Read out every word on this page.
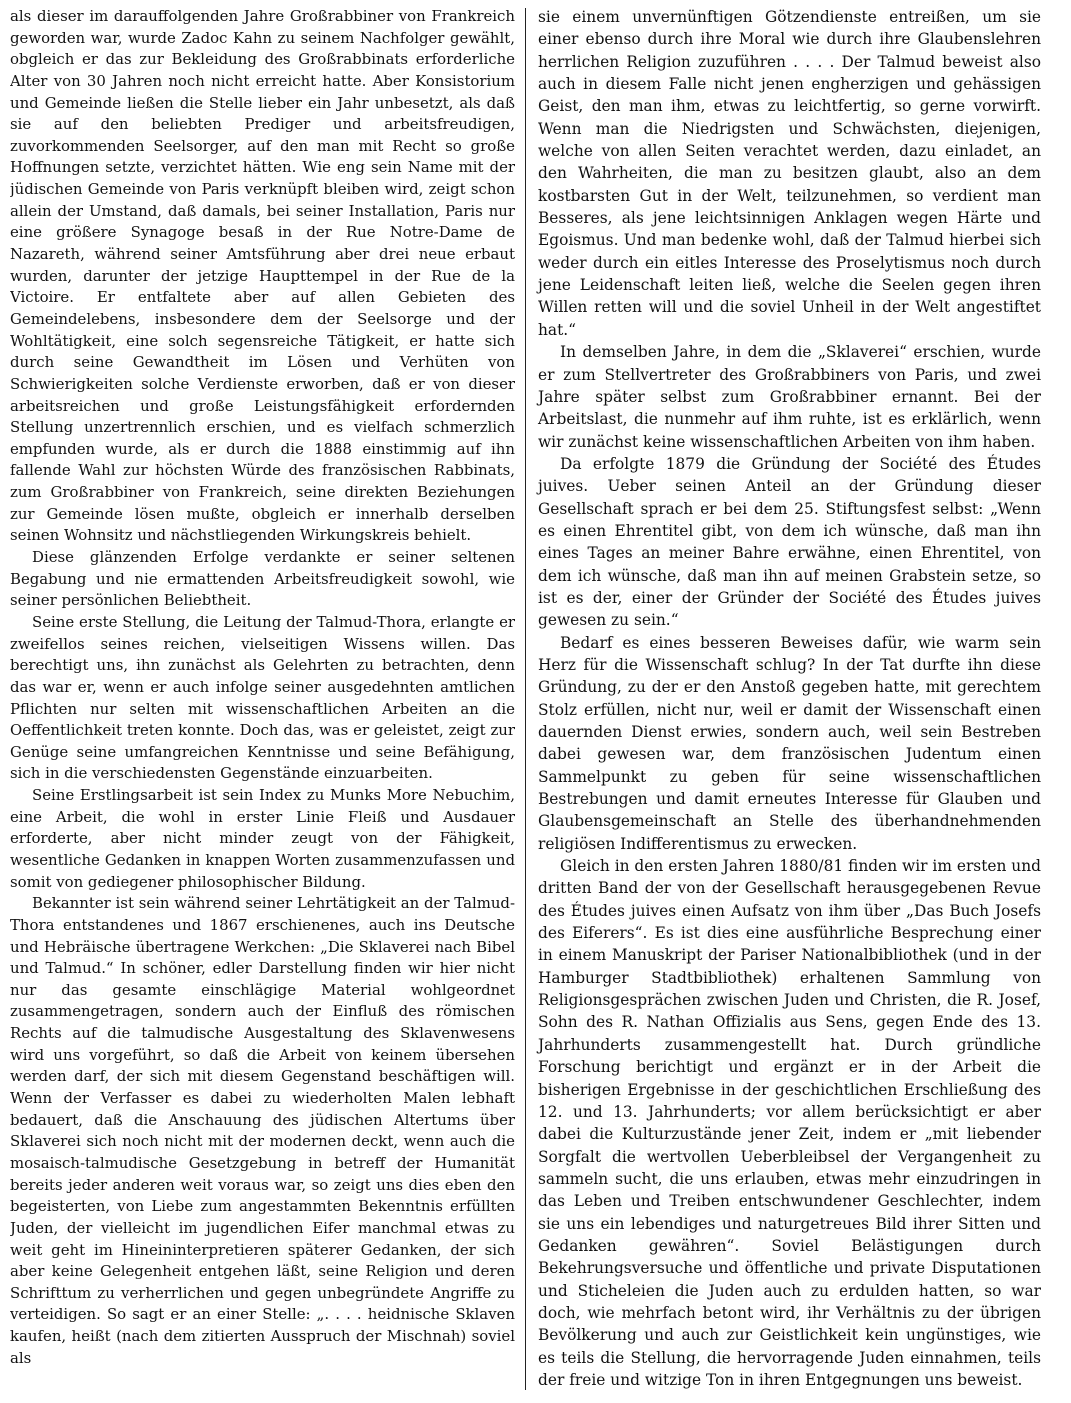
als dieser im darauffolgenden Jahre Großrabbiner von Frankreich geworden war, wurde Zadoc Kahn zu seinem Nachfolger gewählt, obgleich er das zur Bekleidung des Großrabbinats erforderliche Alter von 30 Jahren noch nicht erreicht hatte. Aber Konsistorium und Gemeinde ließen die Stelle lieber ein Jahr unbesetzt, als daß sie auf den beliebten Prediger und arbeitsfreudigen, zuvorkommenden Seelsorger, auf den man mit Recht so große Hoffnungen setzte, verzichtet hätten. Wie eng sein Name mit der jüdischen Gemeinde von Paris verknüpft bleiben wird, zeigt schon allein der Umstand, daß damals, bei seiner Installation, Paris nur eine größere Synagoge besaß in der Rue Notre-Dame de Nazareth, während seiner Amtsführung aber drei neue erbaut wurden, darunter der jetzige Haupttempel in der Rue de la Victoire. Er entfaltete aber auf allen Gebieten des Gemeindelebens, insbesondere dem der Seelsorge und der Wohltätigkeit, eine solch segensreiche Tätigkeit, er hatte sich durch seine Gewandtheit im Lösen und Verhüten von Schwierigkeiten solche Verdienste erworben, daß er von dieser arbeitsreichen und große Leistungsfähigkeit erfordernden Stellung unzertrennlich erschien, und es vielfach schmerzlich empfunden wurde, als er durch die 1888 einstimmig auf ihn fallende Wahl zur höchsten Würde des französischen Rabbinats, zum Großrabbiner von Frankreich, seine direkten Beziehungen zur Gemeinde lösen mußte, obgleich er innerhalb derselben seinen Wohnsitz und nächstliegenden Wirkungskreis behielt.

Diese glänzenden Erfolge verdankte er seiner seltenen Begabung und nie ermattenden Arbeitsfreudigkeit sowohl, wie seiner persönlichen Beliebtheit.

Seine erste Stellung, die Leitung der Talmud-Thora, erlangte er zweifellos seines reichen, vielseitigen Wissens willen. Das berechtigt uns, ihn zunächst als Gelehrten zu betrachten, denn das war er, wenn er auch infolge seiner ausgedehnten amtlichen Pflichten nur selten mit wissenschaftlichen Arbeiten an die Oeffentlichkeit treten konnte. Doch das, was er geleistet, zeigt zur Genüge seine umfangreichen Kenntnisse und seine Befähigung, sich in die verschiedensten Gegenstände einzuarbeiten.

Seine Erstlingsarbeit ist sein Index zu Munks More Nebuchim, eine Arbeit, die wohl in erster Linie Fleiß und Ausdauer erforderte, aber nicht minder zeugt von der Fähigkeit, wesentliche Gedanken in knappen Worten zusammenzufassen und somit von gediegener philosophischer Bildung.

Bekannter ist sein während seiner Lehrtätigkeit an der Talmud-Thora entstandenes und 1867 erschienenes, auch ins Deutsche und Hebräische übertragene Werkchen: „Die Sklaverei nach Bibel und Talmud.“ In schöner, edler Darstellung finden wir hier nicht nur das gesamte einschlägige Material wohlgeordnet zusammengetragen, sondern auch der Einfluß des römischen Rechts auf die talmudische Ausgestaltung des Sklavenwesens wird uns vorgeführt, so daß die Arbeit von keinem übersehen werden darf, der sich mit diesem Gegenstand beschäftigen will. Wenn der Verfasser es dabei zu wiederholten Malen lebhaft bedauert, daß die Anschauung des jüdischen Altertums über Sklaverei sich noch nicht mit der modernen deckt, wenn auch die mosaisch-talmudische Gesetzgebung in betreff der Humanität bereits jeder anderen weit voraus war, so zeigt uns dies eben den begeisterten, von Liebe zum angestammten Bekenntnis erfüllten Juden, der vielleicht im jugendlichen Eifer manchmal etwas zu weit geht im Hineininterpretieren späterer Gedanken, der sich aber keine Gelegenheit entgehen läßt, seine Religion und deren Schrifttum zu verherrlichen und gegen unbegründete Angriffe zu verteidigen. So sagt er an einer Stelle: „. . . . heidnische Sklaven kaufen, heißt (nach dem zitierten Ausspruch der Mischnah) soviel als

sie einem unvernünftigen Götzendienste entreißen, um sie einer ebenso durch ihre Moral wie durch ihre Glaubenslehren herrlichen Religion zuzuführen . . . . Der Talmud beweist also auch in diesem Falle nicht jenen engherzigen und gehässigen Geist, den man ihm, etwas zu leichtfertig, so gerne vorwirft. Wenn man die Niedrigsten und Schwächsten, diejenigen, welche von allen Seiten verachtet werden, dazu einladet, an den Wahrheiten, die man zu besitzen glaubt, also an dem kostbarsten Gut in der Welt, teilzunehmen, so verdient man Besseres, als jene leichtsinnigen Anklagen wegen Härte und Egoismus. Und man bedenke wohl, daß der Talmud hierbei sich weder durch ein eitles Interesse des Proselytismus noch durch jene Leidenschaft leiten ließ, welche die Seelen gegen ihren Willen retten will und die soviel Unheil in der Welt angestiftet hat.“

In demselben Jahre, in dem die „Sklaverei“ erschien, wurde er zum Stellvertreter des Großrabbiners von Paris, und zwei Jahre später selbst zum Großrabbiner ernannt. Bei der Arbeitslast, die nunmehr auf ihm ruhte, ist es erklärlich, wenn wir zunächst keine wissenschaftlichen Arbeiten von ihm haben.

Da erfolgte 1879 die Gründung der Société des Études juives. Ueber seinen Anteil an der Gründung dieser Gesellschaft sprach er bei dem 25. Stiftungsfest selbst: „Wenn es einen Ehrentitel gibt, von dem ich wünsche, daß man ihn eines Tages an meiner Bahre erwähne, einen Ehrentitel, von dem ich wünsche, daß man ihn auf meinen Grabstein setze, so ist es der, einer der Gründer der Société des Études juives gewesen zu sein.“

Bedarf es eines besseren Beweises dafür, wie warm sein Herz für die Wissenschaft schlug? In der Tat durfte ihn diese Gründung, zu der er den Anstoß gegeben hatte, mit gerechtem Stolz erfüllen, nicht nur, weil er damit der Wissenschaft einen dauernden Dienst erwies, sondern auch, weil sein Bestreben dabei gewesen war, dem französischen Judentum einen Sammelpunkt zu geben für seine wissenschaftlichen Bestrebungen und damit erneutes Interesse für Glauben und Glaubensgemeinschaft an Stelle des überhandnehmenden religiösen Indifferentismus zu erwecken.

Gleich in den ersten Jahren 1880/81 finden wir im ersten und dritten Band der von der Gesellschaft herausgegebenen Revue des Études juives einen Aufsatz von ihm über „Das Buch Josefs des Eiferers“. Es ist dies eine ausführliche Besprechung einer in einem Manuskript der Pariser Nationalbibliothek (und in der Hamburger Stadtbibliothek) erhaltenen Sammlung von Religionsgesprächen zwischen Juden und Christen, die R. Josef, Sohn des R. Nathan Offizialis aus Sens, gegen Ende des 13. Jahrhunderts zusammengestellt hat. Durch gründliche Forschung berichtigt und ergänzt er in der Arbeit die bisherigen Ergebnisse in der geschichtlichen Erschließung des 12. und 13. Jahrhunderts; vor allem berücksichtigt er aber dabei die Kulturzustände jener Zeit, indem er „mit liebender Sorgfalt die wertvollen Ueberbleibsel der Vergangenheit zu sammeln sucht, die uns erlauben, etwas mehr einzudringen in das Leben und Treiben entschwundener Geschlechter, indem sie uns ein lebendiges und naturgetreues Bild ihrer Sitten und Gedanken gewähren“. Soviel Belästigungen durch Bekehrungsversuche und öffentliche und private Disputationen und Sticheleien die Juden auch zu erdulden hatten, so war doch, wie mehrfach betont wird, ihr Verhältnis zu der übrigen Bevölkerung und auch zur Geistlichkeit kein ungünstiges, wie es teils die Stellung, die hervorragende Juden einnahmen, teils der freie und witzige Ton in ihren Entgegnungen uns beweist.
